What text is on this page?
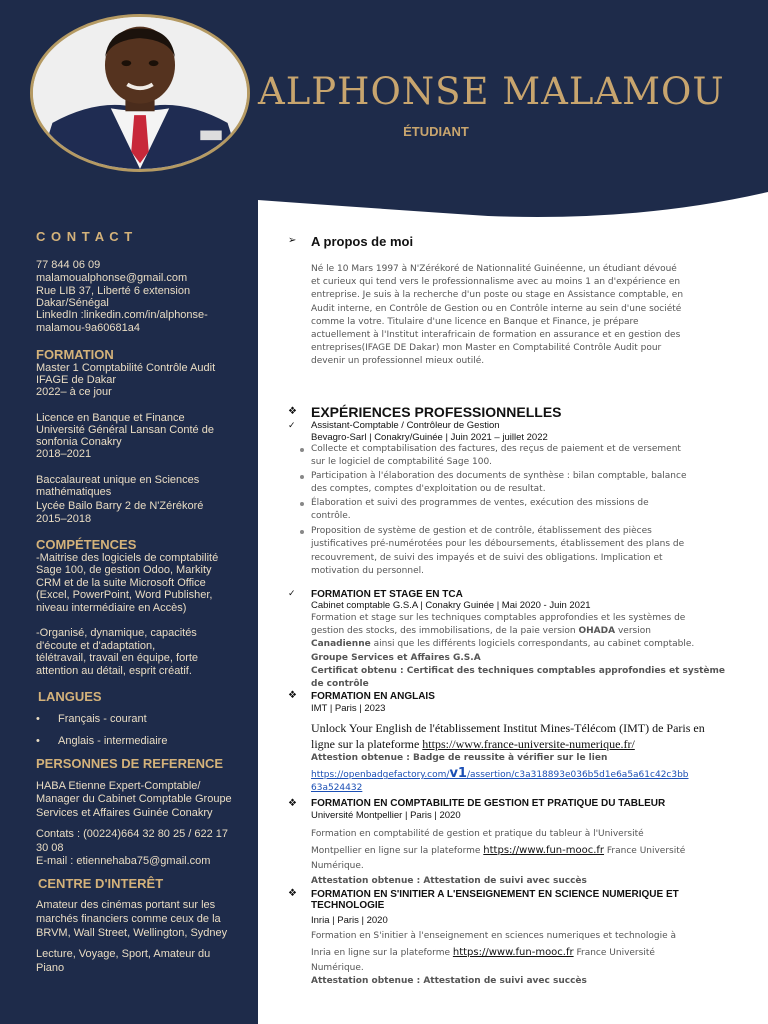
ALPHONSE MALAMOU
ÉTUDIANT
C O N T A C T
77 844 06 09
malamoualphonse@gmail.com
Rue LIB 37, Liberté 6 extension
Dakar/Sénégal
LinkedIn :linkedin.com/in/alphonse-
malamou-9a60681a4
FORMATION
Master 1 Comptabilité Contrôle Audit
IFAGE de Dakar
2022– à ce jour
Licence en Banque et Finance
Université Général Lansan Conté de
sonfonia Conakry
2018–2021
Baccalaureat unique en Sciences
mathématiques
Lycée Bailo Barry 2 de N'Zérékoré
2015–2018
COMPÉTENCES
-Maitrise des logiciels de comptabilité
Sage 100, de gestion Odoo, Markity
CRM et de la suite Microsoft Office
(Excel, PowerPoint, Word Publisher,
niveau intermédiaire en Accès)
-Organisé, dynamique, capacités
d'écoute et d'adaptation,
télétravail, travail en équipe, forte
attention au détail, esprit créatif.
LANGUES
• Français - courant
• Anglais - intermediaire
PERSONNES DE REFERENCE
HABA Etienne Expert-Comptable/
Manager du Cabinet Comptable Groupe
Services et Affaires Guinée Conakry
Contats : (00224)664 32 80 25 / 622 17
30 08
E-mail : etiennehaba75@gmail.com
CENTRE D'INTERÊT
Amateur des cinémas portant sur les
marchés financiers comme ceux de la
BRVM, Wall Street, Wellington, Sydney
Lecture, Voyage, Sport, Amateur du
Piano
➢ A propos de moi
Né le 10 Mars 1997 à N'Zérékoré de Nationnalité Guinéenne, un étudiant dévoué
et curieux qui tend vers le professionnalisme avec au moins 1 an d'expérience en
entreprise. Je suis à la recherche d'un poste ou stage en Assistance comptable, en
Audit interne, en Contrôle de Gestion ou en Contrôle interne au sein d'une société
comme la votre. Titulaire d'une licence en Banque et Finance, je prépare
actuellement à l'Institut interafricain de formation en assurance et en gestion des
entreprises(IFAGE DE Dakar) mon Master en Comptabilité Contrôle Audit pour
devenir un professionnel mieux outilé.
❖ EXPÉRIENCES PROFESSIONNELLES
✓ Assistant-Comptable / Contrôleur de Gestion
Bevagro-Sarl | Conakry/Guinée | Juin 2021 – juillet 2022
Collecte et comptabilisation des factures, des reçus de paiement et de versement
sur le logiciel de comptabilité Sage 100.
Participation à l'élaboration des documents de synthèse : bilan comptable, balance
des comptes, comptes d'exploitation ou de resultat.
Élaboration et suivi des programmes de ventes, exécution des missions de
contrôle.
Proposition de système de gestion et de contrôle, établissement des pièces
justificatives pré-numérotées pour les déboursements, établissement des plans de
recouvrement, de suivi des impayés et de suivi des obligations. Implication et
motivation du personnel.
✓ FORMATION ET STAGE EN TCA
Cabinet comptable G.S.A | Conakry Guinée | Mai 2020 - Juin 2021
Formation et stage sur les techniques comptables approfondies et les systèmes de
gestion des stocks, des immobilisations, de la paie version OHADA version
Canadienne ainsi que les différents logiciels correspondants, au cabinet comptable.
Groupe Services et Affaires G.S.A
Certificat obtenu : Certificat des techniques comptables approfondies et système
de contrôle
❖ FORMATION EN ANGLAIS
IMT | Paris | 2023
Unlock Your English de l'établissement Institut Mines-Télécom (IMT) de Paris en
ligne sur la plateforme https://www.france-universite-numerique.fr/
Attestion obtenue : Badge de reussite à vérifier sur le lien
https://openbadgefactory.com/v1/assertion/c3a318893e036b5d1e6a5a61c42c3bb
63a524432
❖ FORMATION EN COMPTABILITE DE GESTION ET PRATIQUE DU TABLEUR
Université Montpellier | Paris | 2020
Formation en comptabilité de gestion et pratique du tableur à l'Université
Montpellier en ligne sur la plateforme https://www.fun-mooc.fr France Université
Numérique.
Attestation obtenue : Attestation de suivi avec succès
❖ FORMATION EN S'INITIER A L'ENSEIGNEMENT EN SCIENCE NUMERIQUE ET
TECHNOLOGIE
Inria | Paris | 2020
Formation en S'initier à l'enseignement en sciences numeriques et technologie à
Inria en ligne sur la plateforme https://www.fun-mooc.fr France Université
Numérique.
Attestation obtenue : Attestation de suivi avec succès
